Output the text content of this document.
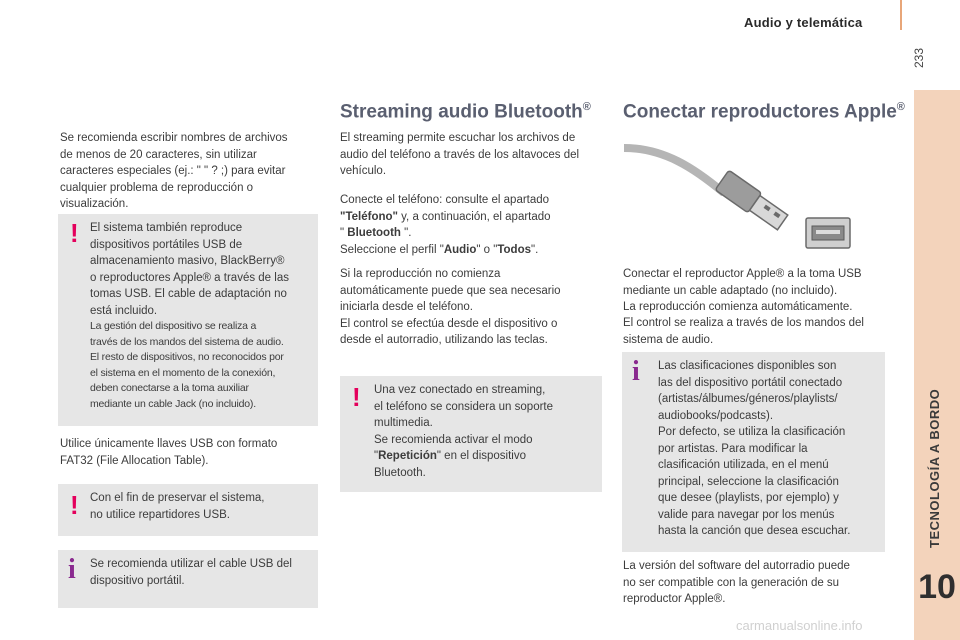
Audio y telemática
233
TECNOLOGÍA A BORDO
10

Se recomienda escribir nombres de archivos

de menos de 20 caracteres, sin utilizar

caracteres especiales (ej.: " " ? ;) para evitar

cualquier problema de reproducción o

visualización.

! El sistema también reproduce

dispositivos portátiles USB de

almacenamiento masivo, BlackBerry®

o reproductores Apple® a través de las

tomas USB. El cable de adaptación no

está incluido.

La gestión del dispositivo se realiza a

través de los mandos del sistema de audio.

El resto de dispositivos, no reconocidos por

el sistema en el momento de la conexión,

deben conectarse a la toma auxiliar

mediante un cable Jack (no incluido).

Utilice únicamente llaves USB con formato

FAT32 (File Allocation Table).

! Con el fin de preservar el sistema,

no utilice repartidores USB.

i	Se recomienda utilizar el cable USB del

dispositivo portátil.

Streaming audio Bluetooth®

El streaming permite escuchar los archivos de

audio del teléfono a través de los altavoces del

vehículo.

Conecte el teléfono: consulte el apartado

"Teléfono" y, a continuación, el apartado

" Bluetooth ".

Seleccione el perfil "Audio" o "Todos".

Si la reproducción no comienza

automáticamente puede que sea necesario

iniciarla desde el teléfono.

El control se efectúa desde el dispositivo o

desde el autorradio, utilizando las teclas.

! Una vez conectado en streaming,

el teléfono se considera un soporte

multimedia.

Se recomienda activar el modo

"Repetición" en el dispositivo

Bluetooth.

Conectar reproductores Apple®

Conectar el reproductor Apple® a la toma USB

mediante un cable adaptado (no incluido).

La reproducción comienza automáticamente.

El control se realiza a través de los mandos del

sistema de audio.

i	Las clasificaciones disponibles son

las del dispositivo portátil conectado

(artistas/álbumes/géneros/playlists/

audiobooks/podcasts).

Por defecto, se utiliza la clasificación

por artistas. Para modificar la

clasificación utilizada, en el menú

principal, seleccione la clasificación

que desee (playlists, por ejemplo) y

valide para navegar por los menús

hasta la canción que desea escuchar.

La versión del software del autorradio puede

no ser compatible con la generación de su

reproductor Apple®.

carmanualsonline.info
